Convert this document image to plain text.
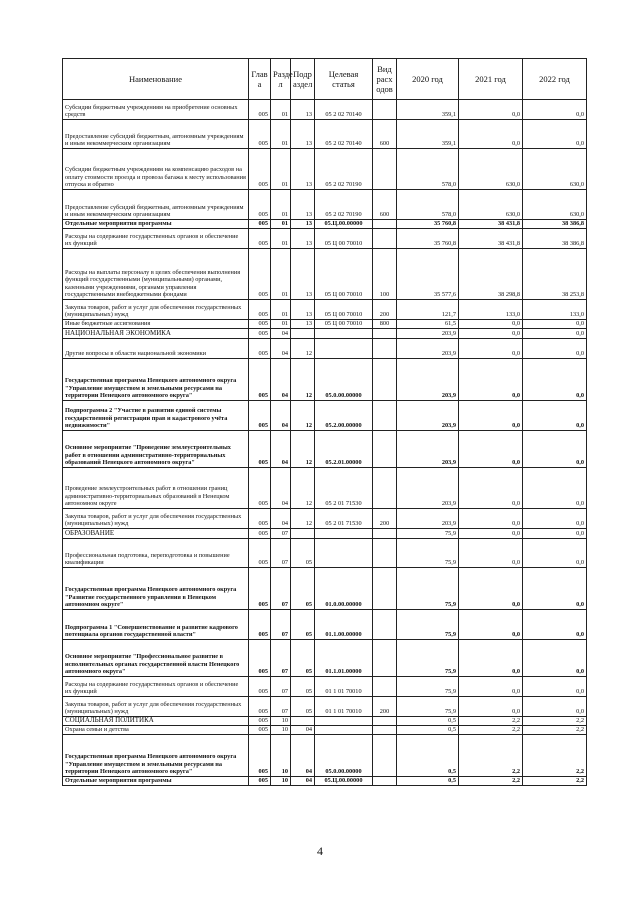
Наименование	Глав а	Разде л	Подр аздел	Целевая статья	Вид расх одов	2020 год	2021 год	2022 год
Субсидии бюджетным учреждениям на приобретение основных средств	005	01	13	05 2 02 70140		359,1	0,0	0,0
Предоставление субсидий бюджетным, автономным учреждениям и иным некоммерческим организациям	005	01	13	05 2 02 70140	600	359,1	0,0	0,0
Субсидии бюджетным учреждениям на компенсацию расходов на оплату стоимости проезда и провоза багажа к месту использования отпуска и обратно	005	01	13	05 2 02 70190		578,0	630,0	630,0
Предоставление субсидий бюджетным, автономным учреждениям и иным некоммерческим организациям	005	01	13	05 2 02 70190	600	578,0	630,0	630,0
Отдельные мероприятия программы	005	01	13	05.Ц.00.00000		35 760,8	38 431,8	38 386,8
Расходы на содержание государственных органов и обеспечение их функций	005	01	13	05 Ц 00 70010		35 760,8	38 431,8	38 386,8
Расходы на выплаты персоналу в целях обеспечения выполнения функций государственными (муниципальными) органами, казенными учреждениями, органами управления государственными внебюджетными фондами	005	01	13	05 Ц 00 70010	100	35 577,6	38 298,8	38 253,8
Закупка товаров, работ и услуг для обеспечения государственных (муниципальных) нужд	005	01	13	05 Ц 00 70010	200	121,7	133,0	133,0
Иные бюджетные ассигнования	005	01	13	05 Ц 00 70010	800	61,5	0,0	0,0
НАЦИОНАЛЬНАЯ ЭКОНОМИКА	005	04				203,9	0,0	0,0
Другие вопросы в области национальной экономики	005	04	12			203,9	0,0	0,0
Государственная программа Ненецкого автономного округа "Управление имуществом и земельными ресурсами на территории Ненецкого автономного округа"	005	04	12	05.0.00.00000		203,9	0,0	0,0
Подпрограмма 2 "Участие в развитии единой системы государственной регистрации прав и кадастрового учёта недвижимости"	005	04	12	05.2.00.00000		203,9	0,0	0,0
Основное мероприятие "Проведение землеустроительных работ в отношении административно-территориальных образований Ненецкого автономного округа"	005	04	12	05.2.01.00000		203,9	0,0	0,0
Проведение землеустроительных работ в отношении границ административно-территориальных образований в Ненецком автономном округе	005	04	12	05 2 01 71530		203,9	0,0	0,0
Закупка товаров, работ и услуг для обеспечения государственных (муниципальных) нужд	005	04	12	05 2 01 71530	200	203,9	0,0	0,0
ОБРАЗОВАНИЕ	005	07				75,9	0,0	0,0
Профессиональная подготовка, переподготовка и повышение квалификации	005	07	05			75,9	0,0	0,0
Государственная программа Ненецкого автономного округа "Развитие государственного управления в Ненецком автономном округе"	005	07	05	01.0.00.00000		75,9	0,0	0,0
Подпрограмма 1 "Совершенствование и развитие кадрового потенциала органов государственной власти"	005	07	05	01.1.00.00000		75,9	0,0	0,0
Основное мероприятие "Профессиональное развитие в исполнительных органах государственной власти Ненецкого автономного округа"	005	07	05	01.1.01.00000		75,9	0,0	0,0
Расходы на содержание государственных органов и обеспечение их функций	005	07	05	01 1 01 70010		75,9	0,0	0,0
Закупка товаров, работ и услуг для обеспечения государственных (муниципальных) нужд	005	07	05	01 1 01 70010	200	75,9	0,0	0,0
СОЦИАЛЬНАЯ ПОЛИТИКА	005	10				0,5	2,2	2,2
Охрана семьи и детства	005	10	04			0,5	2,2	2,2
Государственная программа Ненецкого автономного округа "Управление имуществом и земельными ресурсами на территории Ненецкого автономного округа"	005	10	04	05.0.00.00000		0,5	2,2	2,2
Отдельные мероприятия программы	005	10	04	05.Ц.00.00000		0,5	2,2	2,2
4
